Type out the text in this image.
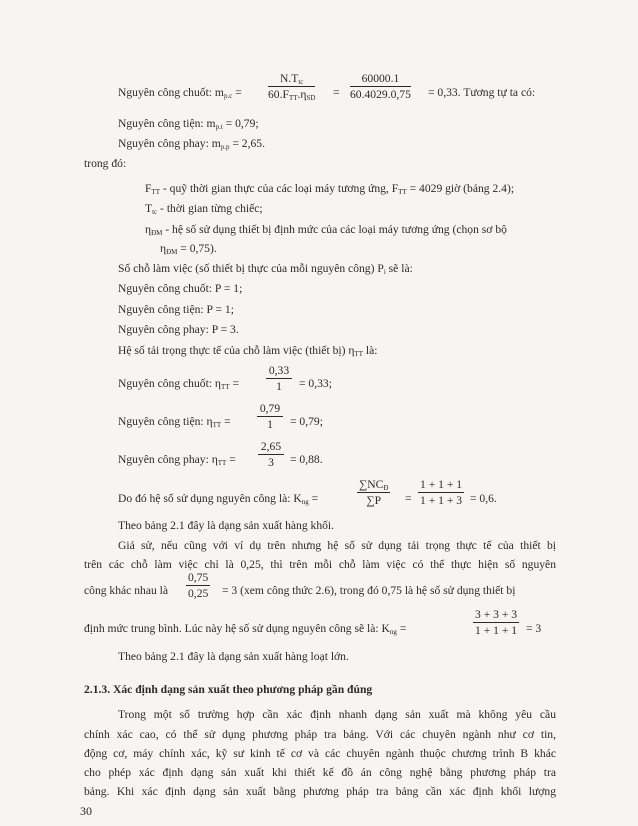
Nguyên công chuốt: $m_{p.c}$ =
$N.T_{tc}$
$60.F_{TT}.\eta_{SD} = \frac{60000.1}{60.4029.0,75} = 0,33$. Tương tự ta có:
Nguyên công tiện: $m_{p.t} = 0,79$;
Nguyên công phay: $m_{p.p} = 2,65$.
trong đó:
$F_{TT}$ - quỹ thời gian thực của các loại máy tương ứng, $F_{TT} = 4029$ giờ (bảng 2.4);
$T_{tc}$ - thời gian từng chiếc;
$\eta_{ĐM}$ - hệ số sử dụng thiết bị định mức của các loại máy tương ứng (chọn sơ bộ
$\eta_{ĐM} = 0,75$).
Số chỗ làm việc (số thiết bị thực của mỗi nguyên công) $P_i$ sẽ là:
Nguyên công chuốt: P = 1;
Nguyên công tiện: P = 1;
Nguyên công phay: P = 3.
Hệ số tải trọng thực tế của chỗ làm việc (thiết bị) $\eta_{TT}$ là:
Nguyên công chuốt: $\eta_{TT} = \frac{0,33}{1} = 0,33$;
Nguyên công tiện: $\eta_{TT} = \frac{0,79}{1} = 0,79$;
Nguyên công phay: $\eta_{TT} = \frac{2,65}{3} = 0,88$.
Do đó hệ số sử dụng nguyên công là: $K_{ng}$ =
$\sum NC_Đ$
∑P	= $\frac{1 + 1 + 1}{1 + 1 + 3} = 0,6$.
Theo bảng 2.1 đây là dạng sản xuất hàng khối.
Giả sử, nếu cũng với ví dụ trên nhưng hệ số sử dụng tải trọng thực tế của thiết bị
trên các chỗ làm việc chỉ là 0,25, thì trên mỗi chỗ làm việc có thể thực hiện số nguyên
công khác nhau là $\frac{0,75}{0,25} = 3$ (xem công thức 2.6), trong đó 0,75 là hệ số sử dụng thiết bị
định mức trung bình. Lúc này hệ số sử dụng nguyên công sẽ là: $K_{ng}$ =	$\frac{3 + 3 + 3}{1 + 1 + 1} = 3$
Theo bảng 2.1 đây là dạng sản xuất hàng loạt lớn.
2.1.3. Xác định dạng sản xuất theo phương pháp gần đúng
Trong một số trường hợp cần xác định nhanh dạng sản xuất mà không yêu cầu
chính xác cao, có thể sử dụng phương pháp tra bảng. Với các chuyên ngành như cơ tin,
động cơ, máy chính xác, kỹ sư kinh tế cơ và các chuyên ngành thuộc chương trình B khác
cho phép xác định dạng sản xuất khi thiết kế đồ án công nghệ bằng phương pháp tra
bảng. Khi xác định dạng sản xuất bằng phương pháp tra bảng cần xác định khối lượng
30
